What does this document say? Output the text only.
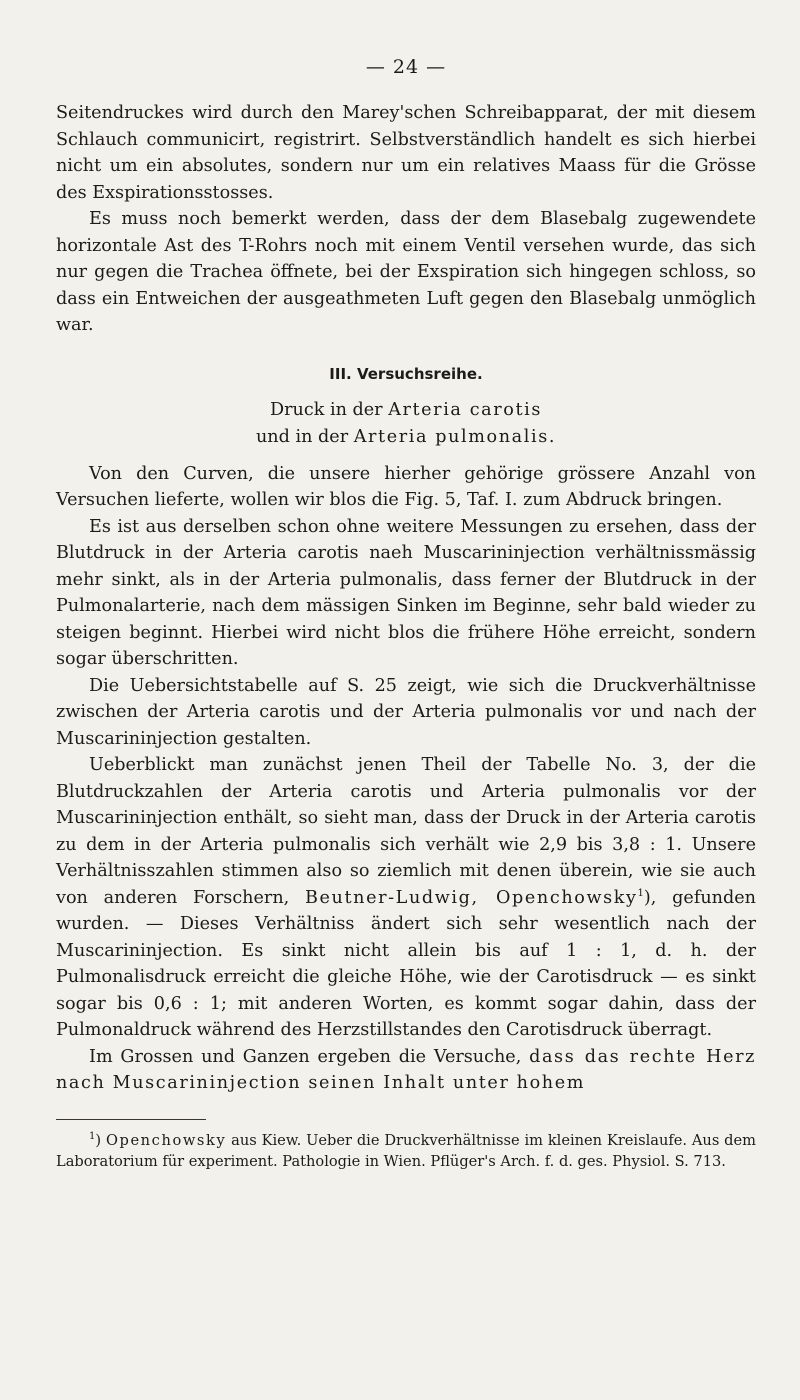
— 24 —

Seitendruckes wird durch den Marey'schen Schreibapparat, der mit diesem Schlauch communicirt, registrirt. Selbstverständlich handelt es sich hierbei nicht um ein absolutes, sondern nur um ein relatives Maass für die Grösse des Exspirationsstosses.

Es muss noch bemerkt werden, dass der dem Blasebalg zugewendete horizontale Ast des T-Rohrs noch mit einem Ventil versehen wurde, das sich nur gegen die Trachea öffnete, bei der Exspiration sich hingegen schloss, so dass ein Entweichen der ausgeathmeten Luft gegen den Blasebalg unmöglich war.

III. Versuchsreihe.
Druck in der Arteria carotis
und in der Arteria pulmonalis.

Von den Curven, die unsere hierher gehörige grössere Anzahl von Versuchen lieferte, wollen wir blos die Fig. 5, Taf. I. zum Abdruck bringen.

Es ist aus derselben schon ohne weitere Messungen zu ersehen, dass der Blutdruck in der Arteria carotis naeh Muscarininjection verhältnissmässig mehr sinkt, als in der Arteria pulmonalis, dass ferner der Blutdruck in der Pulmonalarterie, nach dem mässigen Sinken im Beginne, sehr bald wieder zu steigen beginnt. Hierbei wird nicht blos die frühere Höhe erreicht, sondern sogar überschritten.

Die Uebersichtstabelle auf S. 25 zeigt, wie sich die Druckverhältnisse zwischen der Arteria carotis und der Arteria pulmonalis vor und nach der Muscarininjection gestalten.

Ueberblickt man zunächst jenen Theil der Tabelle No. 3, der die Blutdruckzahlen der Arteria carotis und Arteria pulmonalis vor der Muscarininjection enthält, so sieht man, dass der Druck in der Arteria carotis zu dem in der Arteria pulmonalis sich verhält wie 2,9 bis 3,8 : 1. Unsere Verhältnisszahlen stimmen also so ziemlich mit denen überein, wie sie auch von anderen Forschern, Beutner-Ludwig, Openchowsky$^1$), gefunden wurden. — Dieses Verhältniss ändert sich sehr wesentlich nach der Muscarininjection. Es sinkt nicht allein bis auf 1 : 1, d. h. der Pulmonalisdruck erreicht die gleiche Höhe, wie der Carotisdruck — es sinkt sogar bis 0,6 : 1; mit anderen Worten, es kommt sogar dahin, dass der Pulmonaldruck während des Herzstillstandes den Carotisdruck überragt.

Im Grossen und Ganzen ergeben die Versuche, dass das rechte Herz nach Muscarininjection seinen Inhalt unter hohem

$^1$) Openchowsky aus Kiew. Ueber die Druckverhältnisse im kleinen Kreislaufe. Aus dem Laboratorium für experiment. Pathologie in Wien. Pflüger's Arch. f. d. ges. Physiol. S. 713.
